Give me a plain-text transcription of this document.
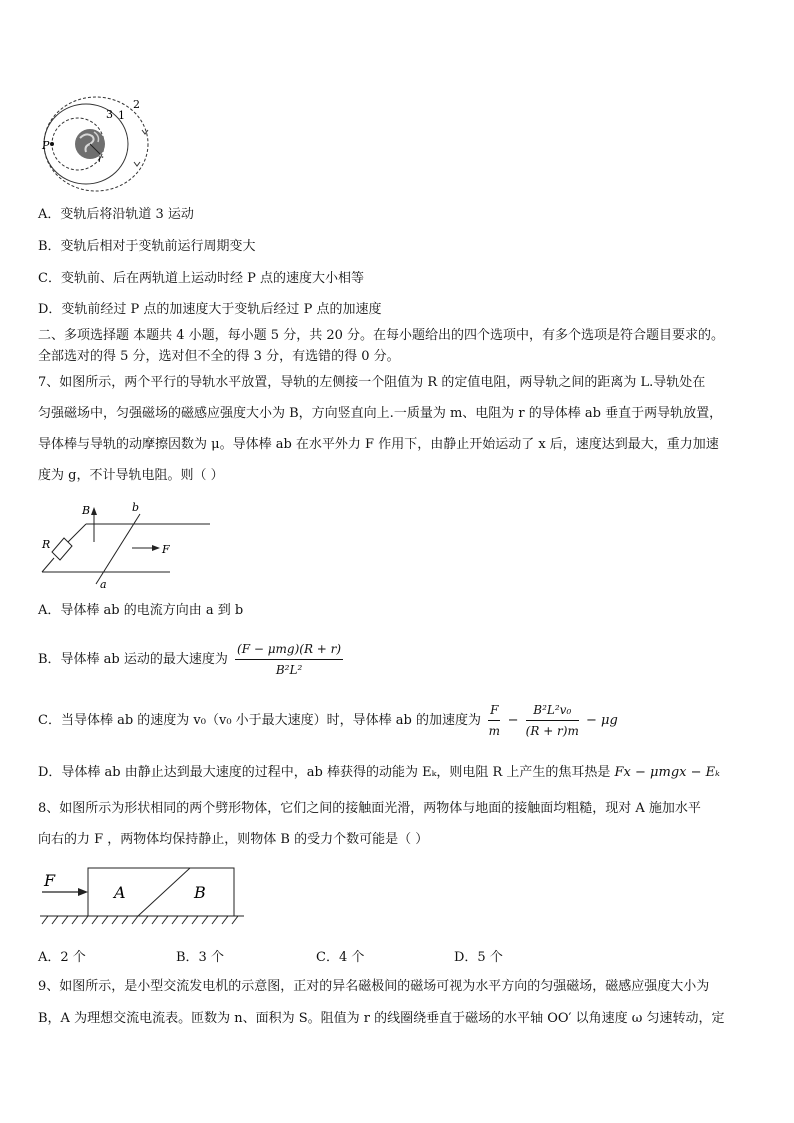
P
r
3 1
2
A．变轨后将沿轨道 3 运动
B．变轨后相对于变轨前运行周期变大
C．变轨前、后在两轨道上运动时经 P 点的速度大小相等
D．变轨前经过 P 点的加速度大于变轨后经过 P 点的加速度
二、多项选择题 本题共 4 小题，每小题 5 分，共 20 分。在每小题给出的四个选项中，有多个选项是符合题目要求的。
全部选对的得 5 分，选对但不全的得 3 分，有选错的得 0 分。
7、如图所示，两个平行的导轨水平放置，导轨的左侧接一个阻值为 R 的定值电阻，两导轨之间的距离为 L.导轨处在
匀强磁场中，匀强磁场的磁感应强度大小为 B，方向竖直向上.一质量为 m、电阻为 r 的导体棒 ab 垂直于两导轨放置，
导体棒与导轨的动摩擦因数为 μ。导体棒 ab 在水平外力 F 作用下，由静止开始运动了 x 后，速度达到最大，重力加速
度为 g，不计导轨电阻。则（ ）
B	b
a
R	F
A．导体棒 ab 的电流方向由 a 到 b
B．导体棒 ab 运动的最大速度为 $\frac{\text{(F − μmg)(R + r)}}{\text{B²L²}}$
C．当导体棒 ab 的速度为 v₀（v₀ 小于最大速度）时，导体棒 ab 的加速度为 $\frac{F}{m} - \frac{\text{B²L²v₀}}{(R + r)m} - \mu g$
D．导体棒 ab 由静止达到最大速度的过程中，ab 棒获得的动能为 Eₖ，则电阻 R 上产生的焦耳热是 Fx − μmgx − Eₖ
8、如图所示为形状相同的两个劈形物体，它们之间的接触面光滑，两物体与地面的接触面均粗糙，现对 A 施加水平
向右的力 F ，两物体均保持静止，则物体 B 的受力个数可能是（ ）
F
A	B
A．2 个	B．3 个	C．4 个	D．5 个
9、如图所示，是小型交流发电机的示意图，正对的异名磁极间的磁场可视为水平方向的匀强磁场，磁感应强度大小为
B，A 为理想交流电流表。匝数为 n、面积为 S。阻值为 r 的线圈绕垂直于磁场的水平轴 OO′ 以角速度 ω 匀速转动，定
